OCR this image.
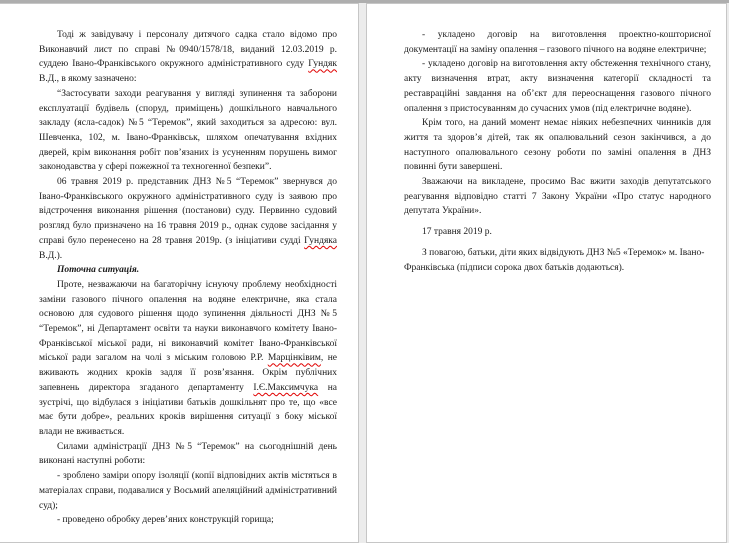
Тоді ж завідувачу і персоналу дитячого садка стало відомо про Виконавчий лист по справі №0940/1578/18, виданий 12.03.2019 р. суддею Івано-Франківського окружного адміністративного суду Гундяк В.Д., в якому зазначено:

“Застосувати заходи реагування у вигляді зупинення та заборони експлуатації будівель (споруд, приміщень) дошкільного навчального закладу (ясла-садок) №5 “Теремок”, який заходиться за адресою: вул. Шевченка, 102, м. Івано-Франківськ, шляхом опечатування вхідних дверей, крім виконання робіт пов’язаних із усуненням порушень вимог законодавства у сфері пожежної та техногенної безпеки”.

06 травня 2019 р. представник ДНЗ №5 “Теремок” звернувся до Івано-Франківського окружного адміністративного суду із заявою про відстрочення виконання рішення (постанови) суду. Первинно судовий розгляд було призначено на 16 травня 2019 р., однак судове засідання у справі було перенесено на 28 травня 2019р. (з ініціативи судді Гундяка В.Д.).

Поточна ситуація.

Проте, незважаючи на багаторічну існуючу проблему необхідності заміни газового пічного опалення на водяне електричне, яка стала основою для судового рішення щодо зупинення діяльності ДНЗ №5 “Теремок”, ні Департамент освіти та науки виконавчого комітету Івано-Франківської міської ради, ні виконавчий комітет Івано-Франківської міської ради загалом на чолі з міським головою Р.Р. Марцінківим, не вживають жодних кроків задля її розв’язання. Окрім публічних запевнень директора згаданого департаменту І.Є.Максимчука на зустрічі, що відбулася з ініціативи батьків дошкільнят про те, що «все має бути добре», реальних кроків вирішення ситуації з боку міської влади не вживається.

Силами адміністрації ДНЗ №5 “Теремок” на сьогоднішній день виконані наступні роботи:

- зроблено заміри опору ізоляції (копії відповідних актів містяться в матеріалах справи, подавалися у Восьмий апеляційний адміністративний суд);

- проведено обробку дерев’яних конструкцій горища;

- укладено договір на виготовлення проектно-кошторисної документації на заміну опалення – газового пічного на водяне електричне;

- укладено договір на виготовлення акту обстеження технічного стану, акту визначення втрат, акту визначення категорії складності та реставраційні завдання на об’єкт для переоснащення газового пічного опалення з пристосуванням до сучасних умов (під електричне водяне).

Крім того, на даний момент немає ніяких небезпечних чинників для життя та здоров’я дітей, так як опалювальний сезон закінчився, а до наступного опалювального сезону роботи по заміні опалення в ДНЗ повинні бути завершені.

Зважаючи на викладене, просимо Вас вжити заходів депутатського реагування відповідно статті 7 Закону України «Про статус народного депутата України».

17 травня 2019 р.

З повагою, батьки, діти яких відвідують ДНЗ №5 «Теремок» м. Івано-Франківська (підписи сорока двох батьків додаються).
